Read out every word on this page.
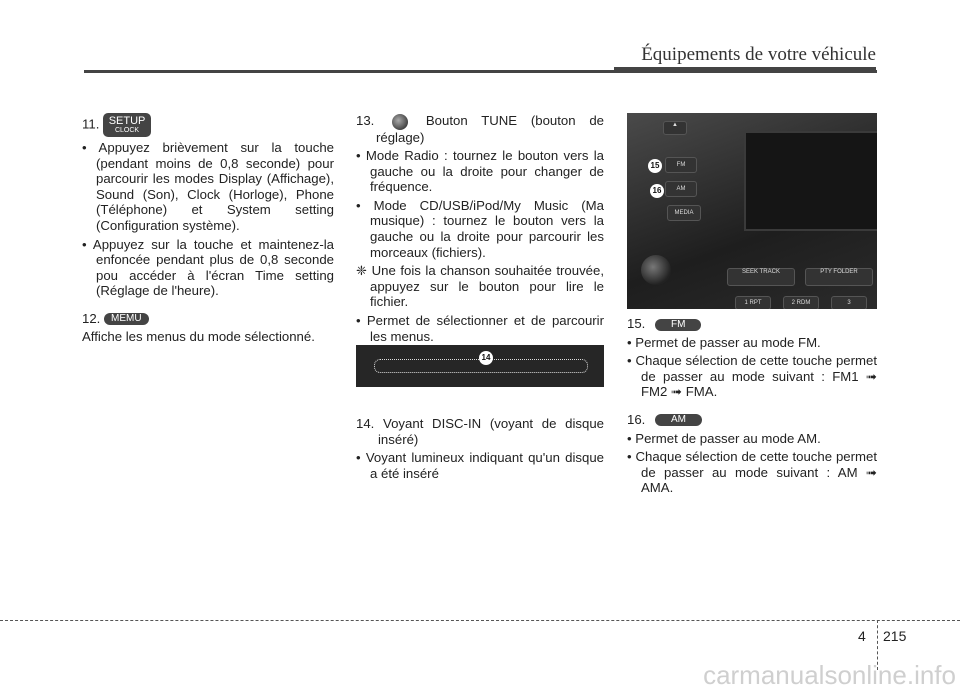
Équipements de votre véhicule

11. SETUP
CLOCK

• Appuyez brièvement sur la touche (pendant moins de 0,8 seconde) pour parcourir les modes Display (Affichage), Sound (Son), Clock (Horloge), Phone (Téléphone) et System setting (Configuration système).

• Appuyez sur la touche et maintenez-la enfoncée pendant plus de 0,8 seconde pou accéder à l'écran Time setting (Réglage de l'heure).

12. MEMU

Affiche les menus du mode sélectionné.

13.	Bouton TUNE (bouton de réglage)

• Mode Radio : tournez le bouton vers la gauche ou la droite pour changer de fréquence.

• Mode CD/USB/iPod/My Music (Ma musique) : tournez le bouton vers la gauche ou la droite pour parcourir les morceaux (fichiers).

❈ Une fois la chanson souhaitée trouvée, appuyez sur le bouton pour lire le fichier.

• Permet de sélectionner et de parcourir les menus.

14

14. Voyant DISC-IN (voyant de disque inséré)

• Voyant lumineux indiquant qu'un disque a été inséré

▲
FM
AM
MEDIA
15
16
SEEK TRACK	PTY FOLDER
1 RPT	2 RDM	3

15.	FM

• Permet de passer au mode FM.

• Chaque sélection de cette touche permet de passer au mode suivant : FM1 ➟ FM2 ➟ FMA.

16.	AM

• Permet de passer au mode AM.

• Chaque sélection de cette touche permet de passer au mode suivant : AM ➟ AMA.

4 215
carmanualsonline.info
